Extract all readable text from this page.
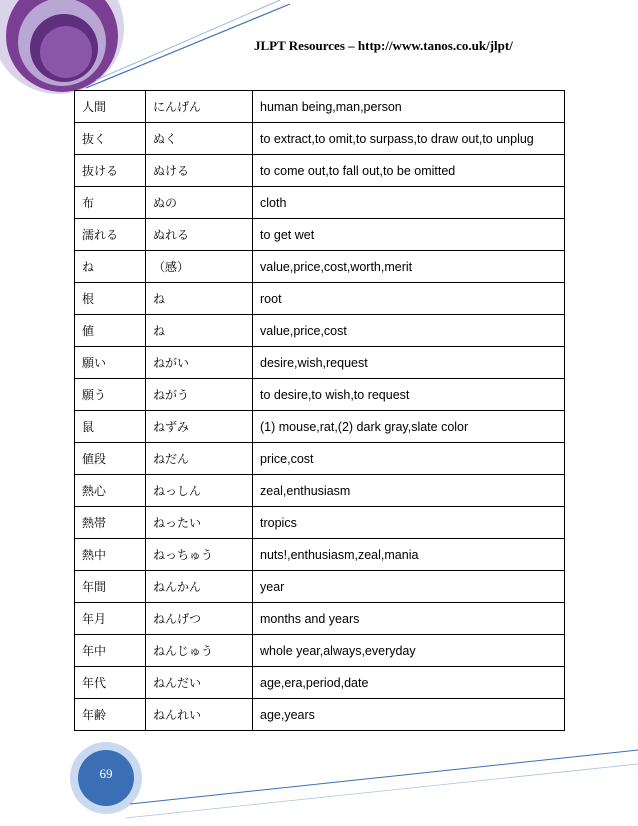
JLPT Resources – http://www.tanos.co.uk/jlpt/
人間	にんげん	human being,man,person
抜く	ぬく	to extract,to omit,to surpass,to draw out,to unplug
抜ける	ぬける	to come out,to fall out,to be omitted
布	ぬの	cloth
濡れる	ぬれる	to get wet
ね	（感）	value,price,cost,worth,merit
根	ね	root
値	ね	value,price,cost
願い	ねがい	desire,wish,request
願う	ねがう	to desire,to wish,to request
鼠	ねずみ	(1) mouse,rat,(2) dark gray,slate color
値段	ねだん	price,cost
熱心	ねっしん	zeal,enthusiasm
熱帯	ねったい	tropics
熱中	ねっちゅう	nuts!,enthusiasm,zeal,mania
年間	ねんかん	year
年月	ねんげつ	months and years
年中	ねんじゅう	whole year,always,everyday
年代	ねんだい	age,era,period,date
年齢	ねんれい	age,years
69
